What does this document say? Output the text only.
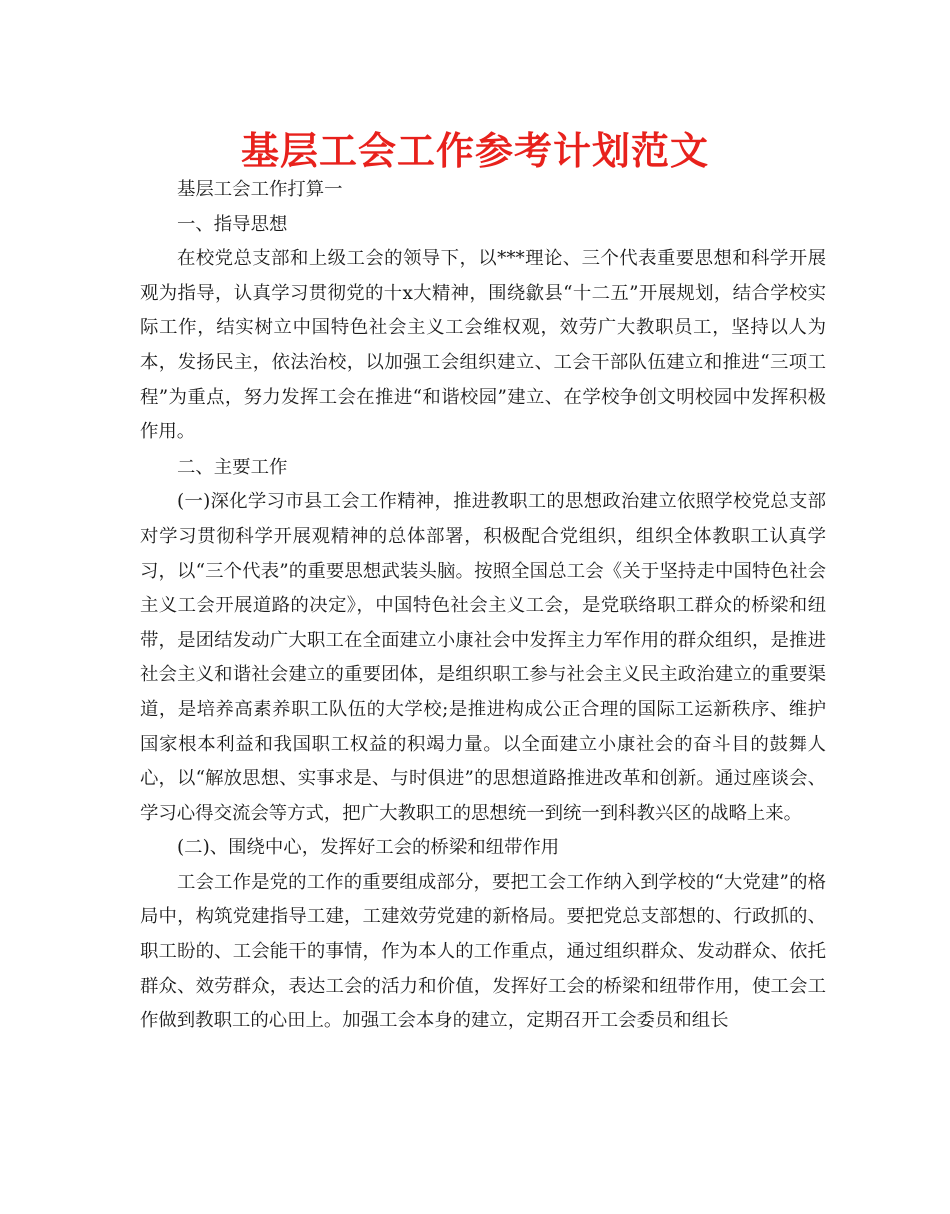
基层工会工作参考计划范文

基层工会工作打算一

一、指导思想

在校党总支部和上级工会的领导下，以***理论、三个代表重要思想和科学开展观为指导，认真学习贯彻党的十x大精神，围绕歙县“十二五”开展规划，结合学校实际工作，结实树立中国特色社会主义工会维权观，效劳广大教职员工，坚持以人为本，发扬民主，依法治校，以加强工会组织建立、工会干部队伍建立和推进“三项工程”为重点，努力发挥工会在推进“和谐校园”建立、在学校争创文明校园中发挥积极作用。

二、主要工作

(一)深化学习市县工会工作精神，推进教职工的思想政治建立依照学校党总支部对学习贯彻科学开展观精神的总体部署，积极配合党组织，组织全体教职工认真学习，以“三个代表”的重要思想武装头脑。按照全国总工会《关于坚持走中国特色社会主义工会开展道路的决定》，中国特色社会主义工会，是党联络职工群众的桥梁和纽带，是团结发动广大职工在全面建立小康社会中发挥主力军作用的群众组织，是推进社会主义和谐社会建立的重要团体，是组织职工参与社会主义民主政治建立的重要渠道，是培养高素养职工队伍的大学校;是推进构成公正合理的国际工运新秩序、维护国家根本利益和我国职工权益的积竭力量。以全面建立小康社会的奋斗目的鼓舞人心，以“解放思想、实事求是、与时俱进”的思想道路推进改革和创新。通过座谈会、学习心得交流会等方式，把广大教职工的思想统一到统一到科教兴区的战略上来。

(二)、围绕中心，发挥好工会的桥梁和纽带作用

工会工作是党的工作的重要组成部分，要把工会工作纳入到学校的“大党建”的格局中，构筑党建指导工建，工建效劳党建的新格局。要把党总支部想的、行政抓的、职工盼的、工会能干的事情，作为本人的工作重点，通过组织群众、发动群众、依托群众、效劳群众，表达工会的活力和价值，发挥好工会的桥梁和纽带作用，使工会工作做到教职工的心田上。加强工会本身的建立，定期召开工会委员和组长
